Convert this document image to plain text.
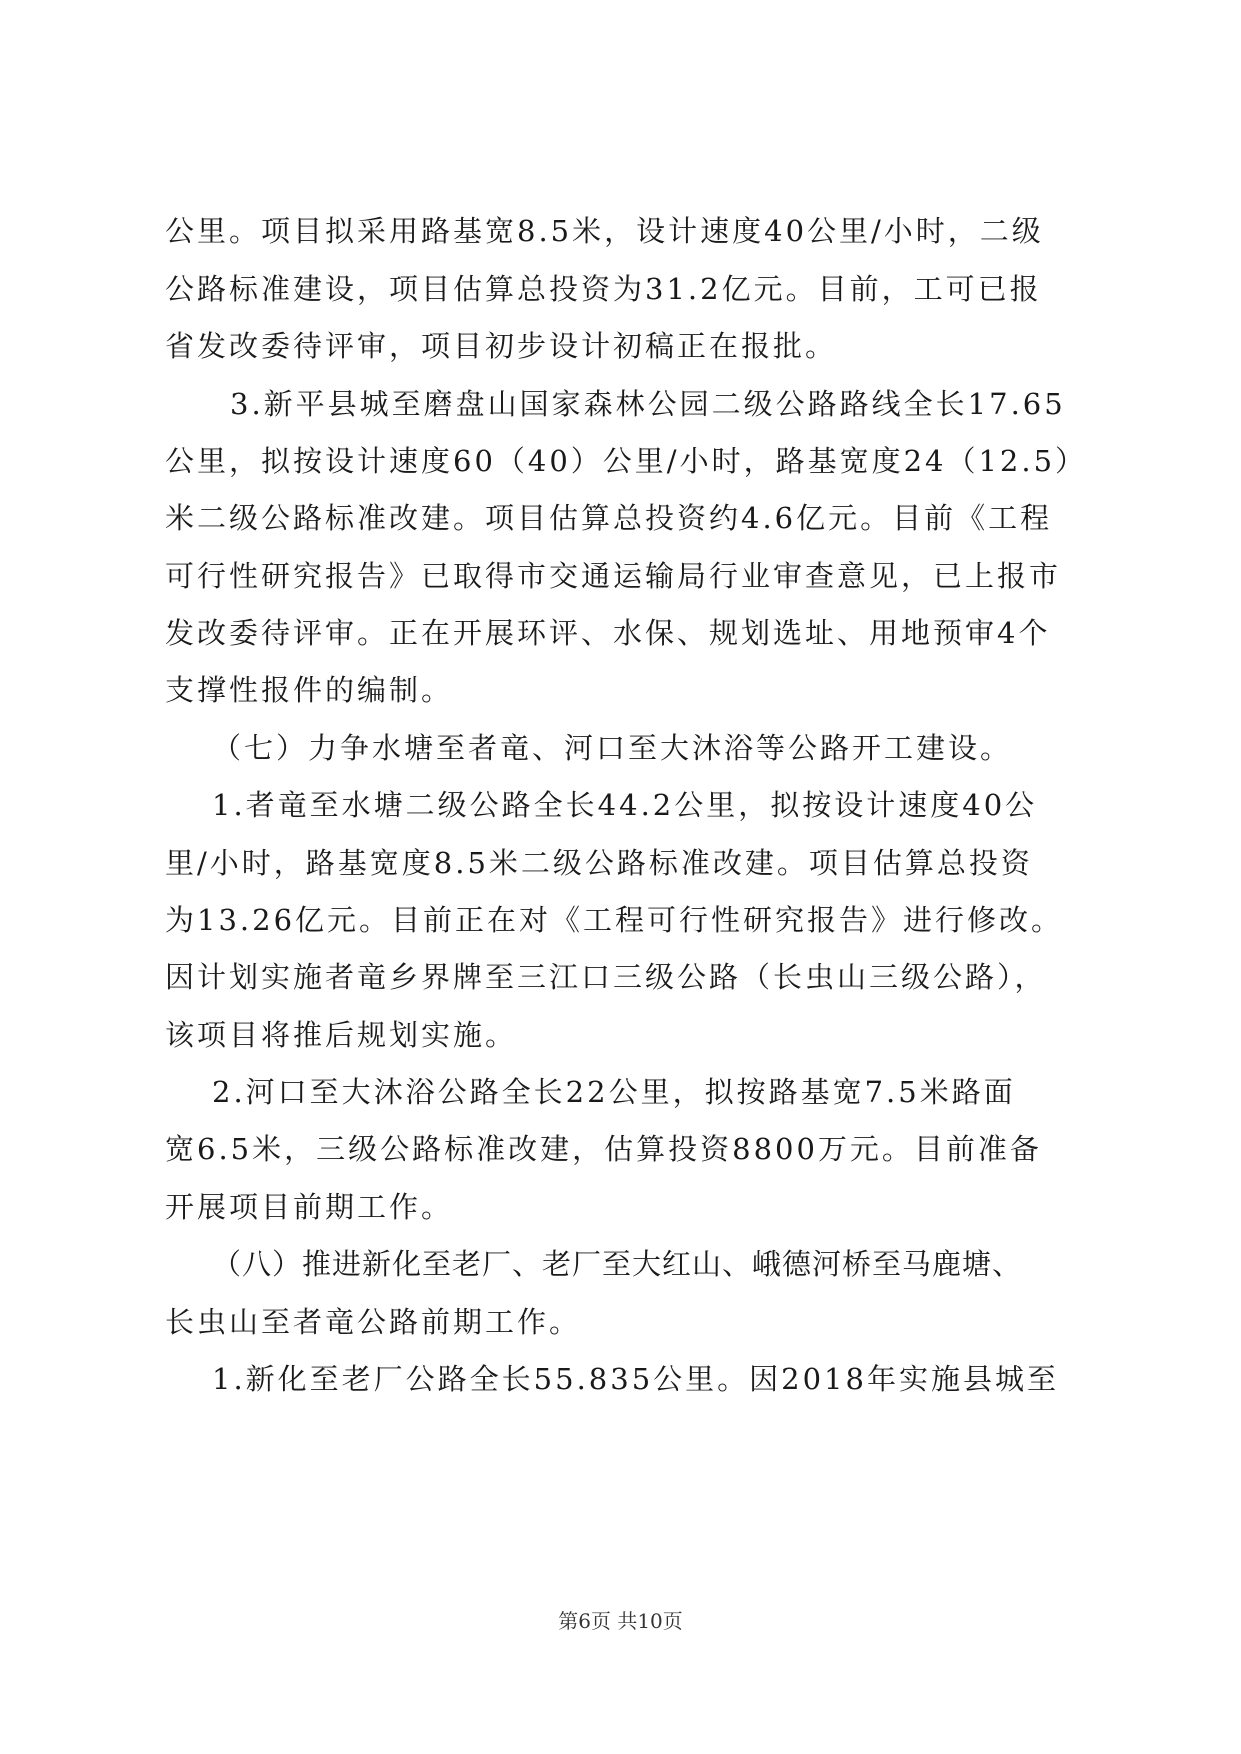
公里。项目拟采用路基宽8.5米，设计速度40公里/小时，二级
公路标准建设，项目估算总投资为31.2亿元。目前，工可已报
省发改委待评审，项目初步设计初稿正在报批。
3.新平县城至磨盘山国家森林公园二级公路路线全长17.65
公里，拟按设计速度60（40）公里/小时，路基宽度24（12.5）
米二级公路标准改建。项目估算总投资约4.6亿元。目前《工程
可行性研究报告》已取得市交通运输局行业审查意见，已上报市
发改委待评审。正在开展环评、水保、规划选址、用地预审4个
支撑性报件的编制。
（七）力争水塘至者竜、河口至大沐浴等公路开工建设。
1.者竜至水塘二级公路全长44.2公里，拟按设计速度40公
里/小时，路基宽度8.5米二级公路标准改建。项目估算总投资
为13.26亿元。目前正在对《工程可行性研究报告》进行修改。
因计划实施者竜乡界牌至三江口三级公路（长虫山三级公路），
该项目将推后规划实施。
2.河口至大沐浴公路全长22公里，拟按路基宽7.5米路面
宽6.5米，三级公路标准改建，估算投资8800万元。目前准备
开展项目前期工作。
（八）推进新化至老厂、老厂至大红山、峨德河桥至马鹿塘、
长虫山至者竜公路前期工作。
1.新化至老厂公路全长55.835公里。因2018年实施县城至
第6页 共10页
